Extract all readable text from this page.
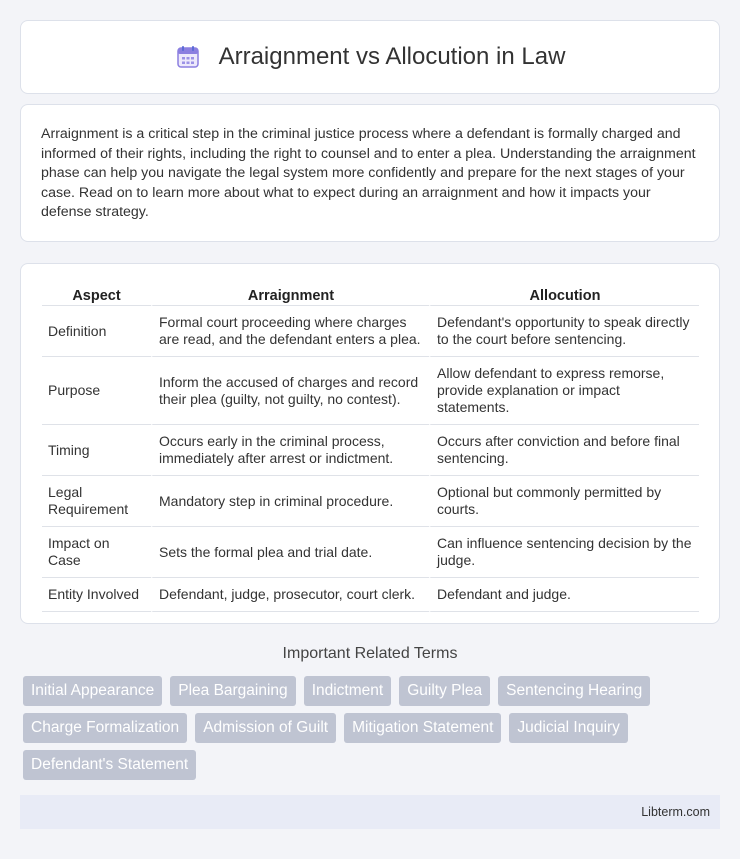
Arraignment vs Allocution in Law

Arraignment is a critical step in the criminal justice process where a defendant is formally charged and informed of their rights, including the right to counsel and to enter a plea. Understanding the arraignment phase can help you navigate the legal system more confidently and prepare for the next stages of your case. Read on to learn more about what to expect during an arraignment and how it impacts your defense strategy.

Aspect	Arraignment	Allocution
Definition	Formal court proceeding where charges are read, and the defendant enters a plea.	Defendant's opportunity to speak directly to the court before sentencing.
Purpose	Inform the accused of charges and record their plea (guilty, not guilty, no contest).	Allow defendant to express remorse, provide explanation or impact statements.
Timing	Occurs early in the criminal process, immediately after arrest or indictment.	Occurs after conviction and before final sentencing.
Legal Requirement	Mandatory step in criminal procedure.	Optional but commonly permitted by courts.
Impact on Case	Sets the formal plea and trial date.	Can influence sentencing decision by the judge.
Entity Involved	Defendant, judge, prosecutor, court clerk.	Defendant and judge.
Important Related Terms
Initial Appearance	Plea Bargaining	Indictment	Guilty Plea	Sentencing Hearing
Charge Formalization	Admission of Guilt	Mitigation Statement	Judicial Inquiry
Defendant's Statement
Libterm.com
